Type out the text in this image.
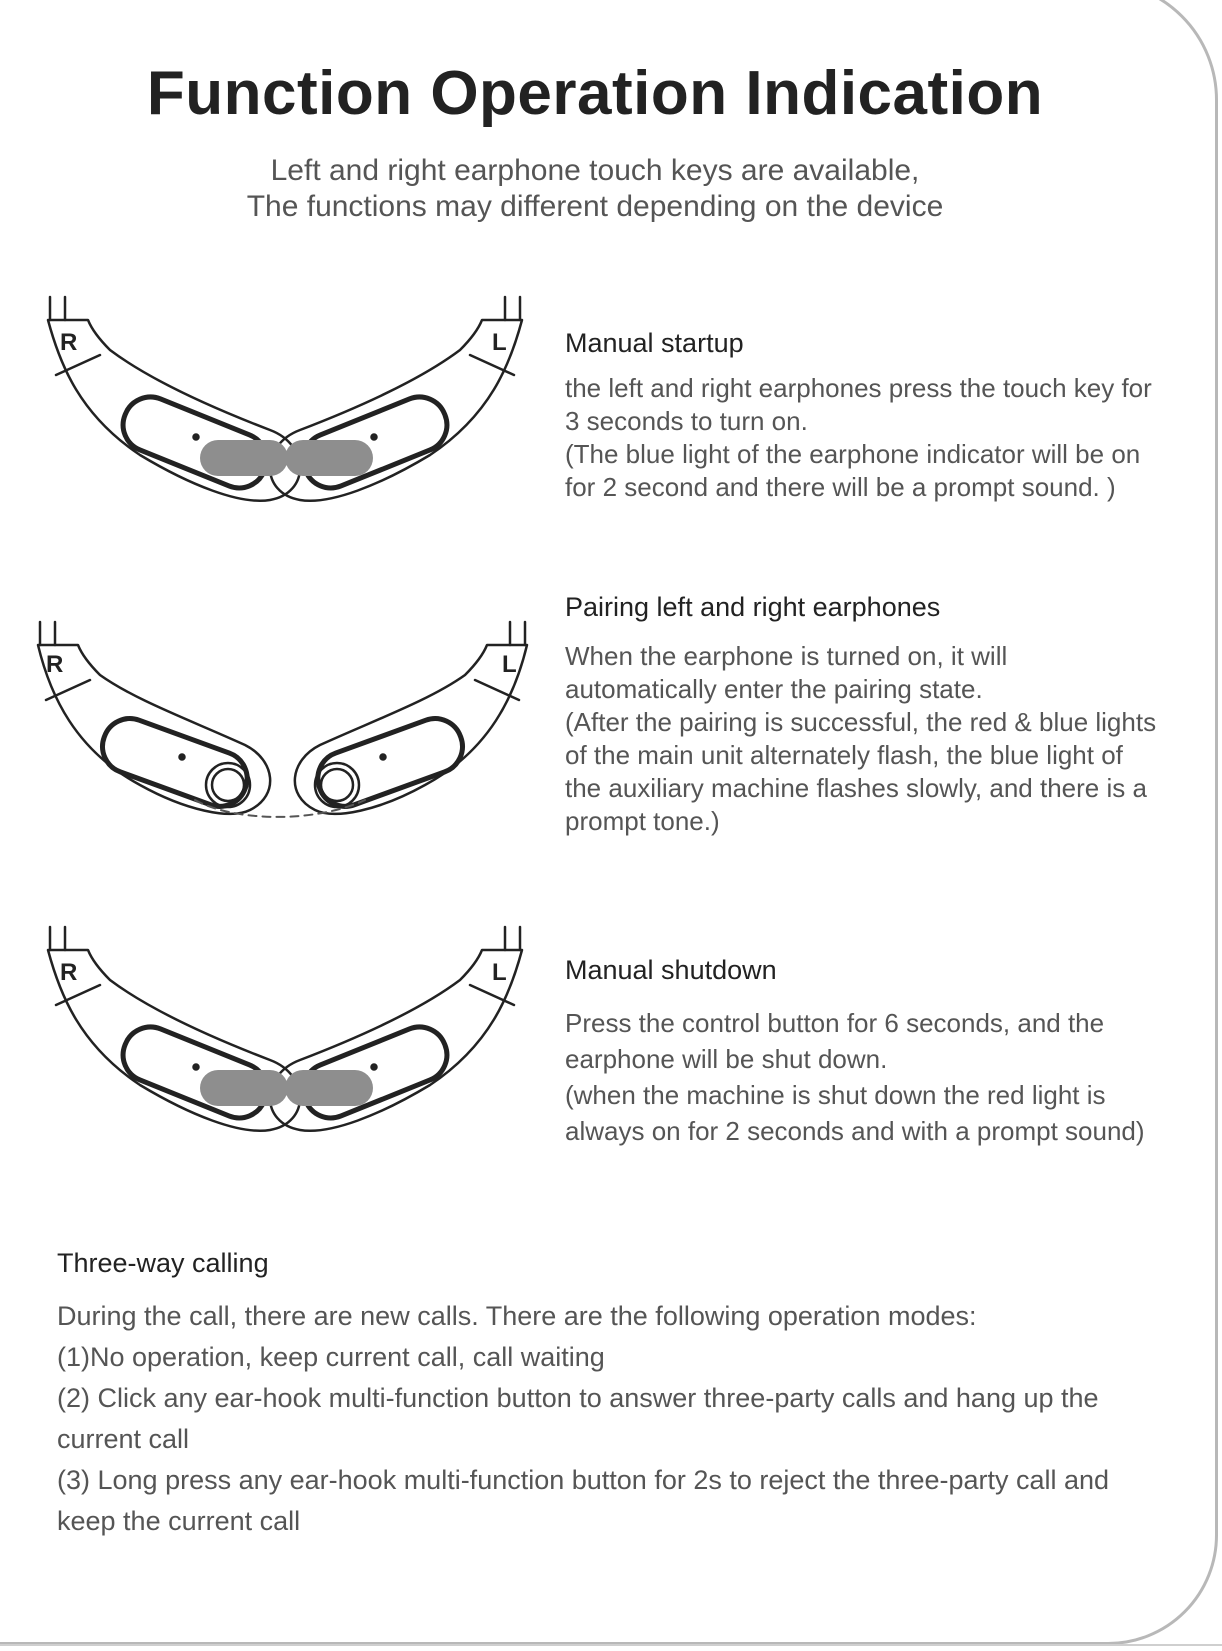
Function Operation Indication
Left and right earphone touch keys are available,
The functions may different depending on the device
R	L Manual startup
the left and right earphones press the touch key for
3 seconds to turn on.
(The blue light of the earphone indicator will be on
for 2 second and there will be a prompt sound. )
R	L
Pairing left and right earphones
When the earphone is turned on, it will
automatically enter the pairing state.
(After the pairing is successful, the red & blue lights
of the main unit alternately flash, the blue light of
the auxiliary machine flashes slowly, and there is a
prompt tone.)
R	L Manual shutdown
Press the control button for 6 seconds, and the
earphone will be shut down.
(when the machine is shut down the red light is
always on for 2 seconds and with a prompt sound)
Three-way calling
During the call, there are new calls. There are the following operation modes:
(1)No operation, keep current call, call waiting
(2) Click any ear-hook multi-function button to answer three-party calls and hang up the
current call
(3) Long press any ear-hook multi-function button for 2s to reject the three-party call and
keep the current call
